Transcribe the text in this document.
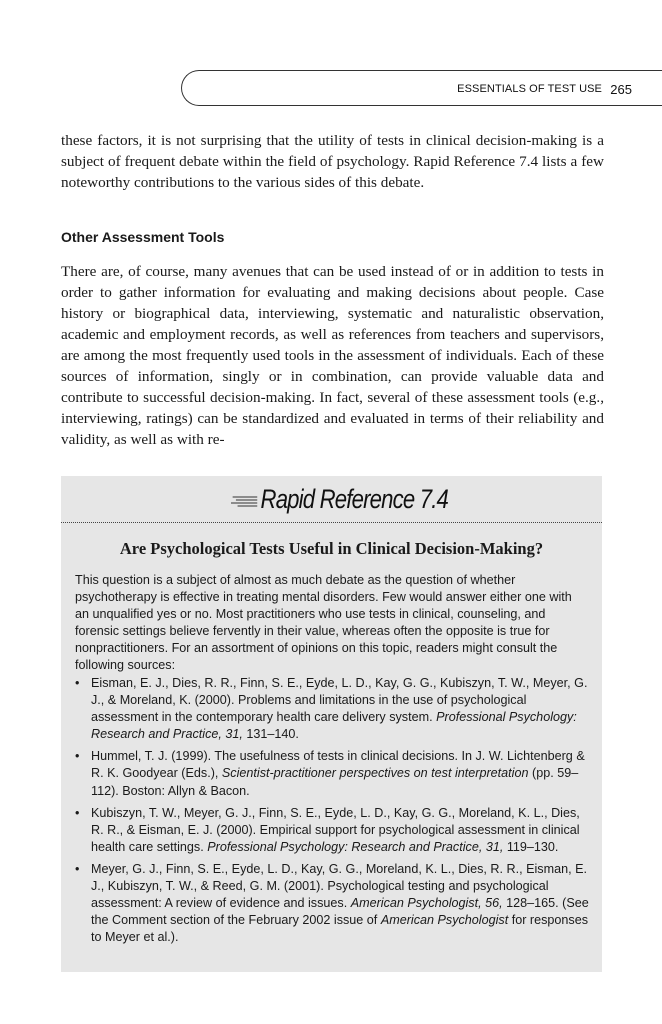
ESSENTIALS OF TEST USE 265

these factors, it is not surprising that the utility of tests in clinical decision-making is a subject of frequent debate within the field of psychology. Rapid Reference 7.4 lists a few noteworthy contributions to the various sides of this debate.

Other Assessment Tools

There are, of course, many avenues that can be used instead of or in addition to tests in order to gather information for evaluating and making decisions about people. Case history or biographical data, interviewing, systematic and naturalistic observation, academic and employment records, as well as references from teachers and supervisors, are among the most frequently used tools in the assessment of individuals. Each of these sources of information, singly or in combination, can provide valuable data and contribute to successful decision-making. In fact, several of these assessment tools (e.g., interviewing, ratings) can be standardized and evaluated in terms of their reliability and validity, as well as with re-

Rapid Reference 7.4
Are Psychological Tests Useful in Clinical Decision-Making?

This question is a subject of almost as much debate as the question of whether psychotherapy is effective in treating mental disorders. Few would answer either one with an unqualified yes or no. Most practitioners who use tests in clinical, counseling, and forensic settings believe fervently in their value, whereas often the opposite is true for nonpractitioners. For an assortment of opinions on this topic, readers might consult the following sources:

• Eisman, E. J., Dies, R. R., Finn, S. E., Eyde, L. D., Kay, G. G., Kubiszyn, T. W., Meyer, G. J., & Moreland, K. (2000). Problems and limitations in the use of psychological assessment in the contemporary health care delivery system. Professional Psychology: Research and Practice, 31, 131–140.
• Hummel, T. J. (1999). The usefulness of tests in clinical decisions. In J. W. Lichtenberg & R. K. Goodyear (Eds.), Scientist-practitioner perspectives on test interpretation (pp. 59–112). Boston: Allyn & Bacon.
• Kubiszyn, T. W., Meyer, G. J., Finn, S. E., Eyde, L. D., Kay, G. G., Moreland, K. L., Dies, R. R., & Eisman, E. J. (2000). Empirical support for psychological assessment in clinical health care settings. Professional Psychology: Research and Practice, 31, 119–130.
• Meyer, G. J., Finn, S. E., Eyde, L. D., Kay, G. G., Moreland, K. L., Dies, R. R., Eisman, E. J., Kubiszyn, T. W., & Reed, G. M. (2001). Psychological testing and psychological assessment: A review of evidence and issues. American Psychologist, 56, 128–165. (See the Comment section of the February 2002 issue of American Psychologist for responses to Meyer et al.).
